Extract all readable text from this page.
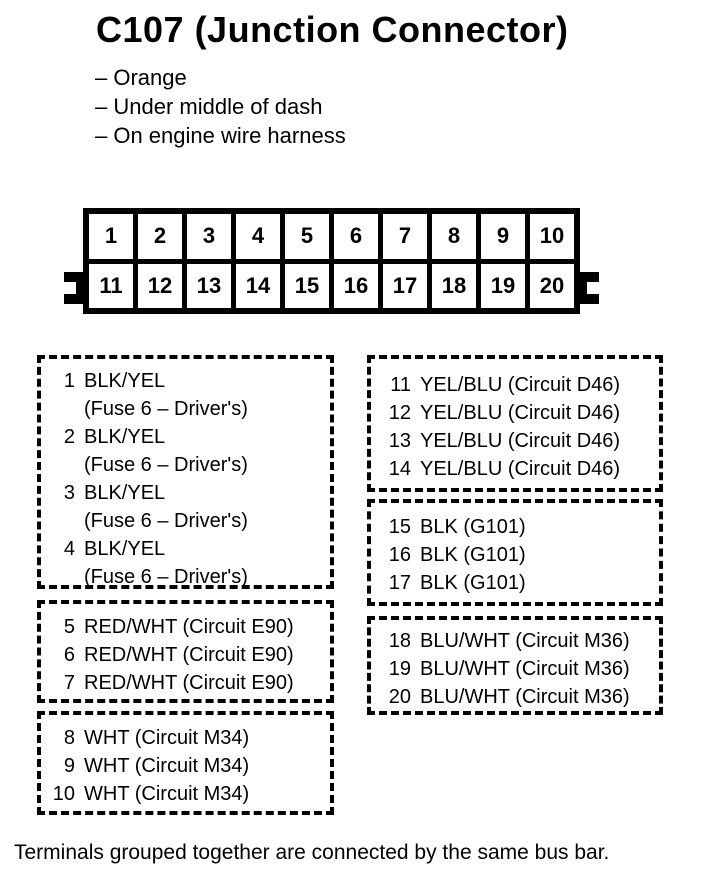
C107 (Junction Connector)
– Orange
– Under middle of dash
– On engine wire harness
1	2	3	4	5	6	7	8	9	10
11	12	13	14	15	16	17	18	19	20
1 BLK/YEL
(Fuse 6 – Driver's)
2 BLK/YEL
(Fuse 6 – Driver's)
3 BLK/YEL
(Fuse 6 – Driver's)
4 BLK/YEL
(Fuse 6 – Driver's)
5 RED/WHT (Circuit E90)
6 RED/WHT (Circuit E90)
7 RED/WHT (Circuit E90)
8 WHT (Circuit M34)
9 WHT (Circuit M34)
10 WHT (Circuit M34)
11 YEL/BLU (Circuit D46)
12 YEL/BLU (Circuit D46)
13 YEL/BLU (Circuit D46)
14 YEL/BLU (Circuit D46)
15 BLK (G101)
16 BLK (G101)
17 BLK (G101)
18 BLU/WHT (Circuit M36)
19 BLU/WHT (Circuit M36)
20 BLU/WHT (Circuit M36)
Terminals grouped together are connected by the same bus bar.
